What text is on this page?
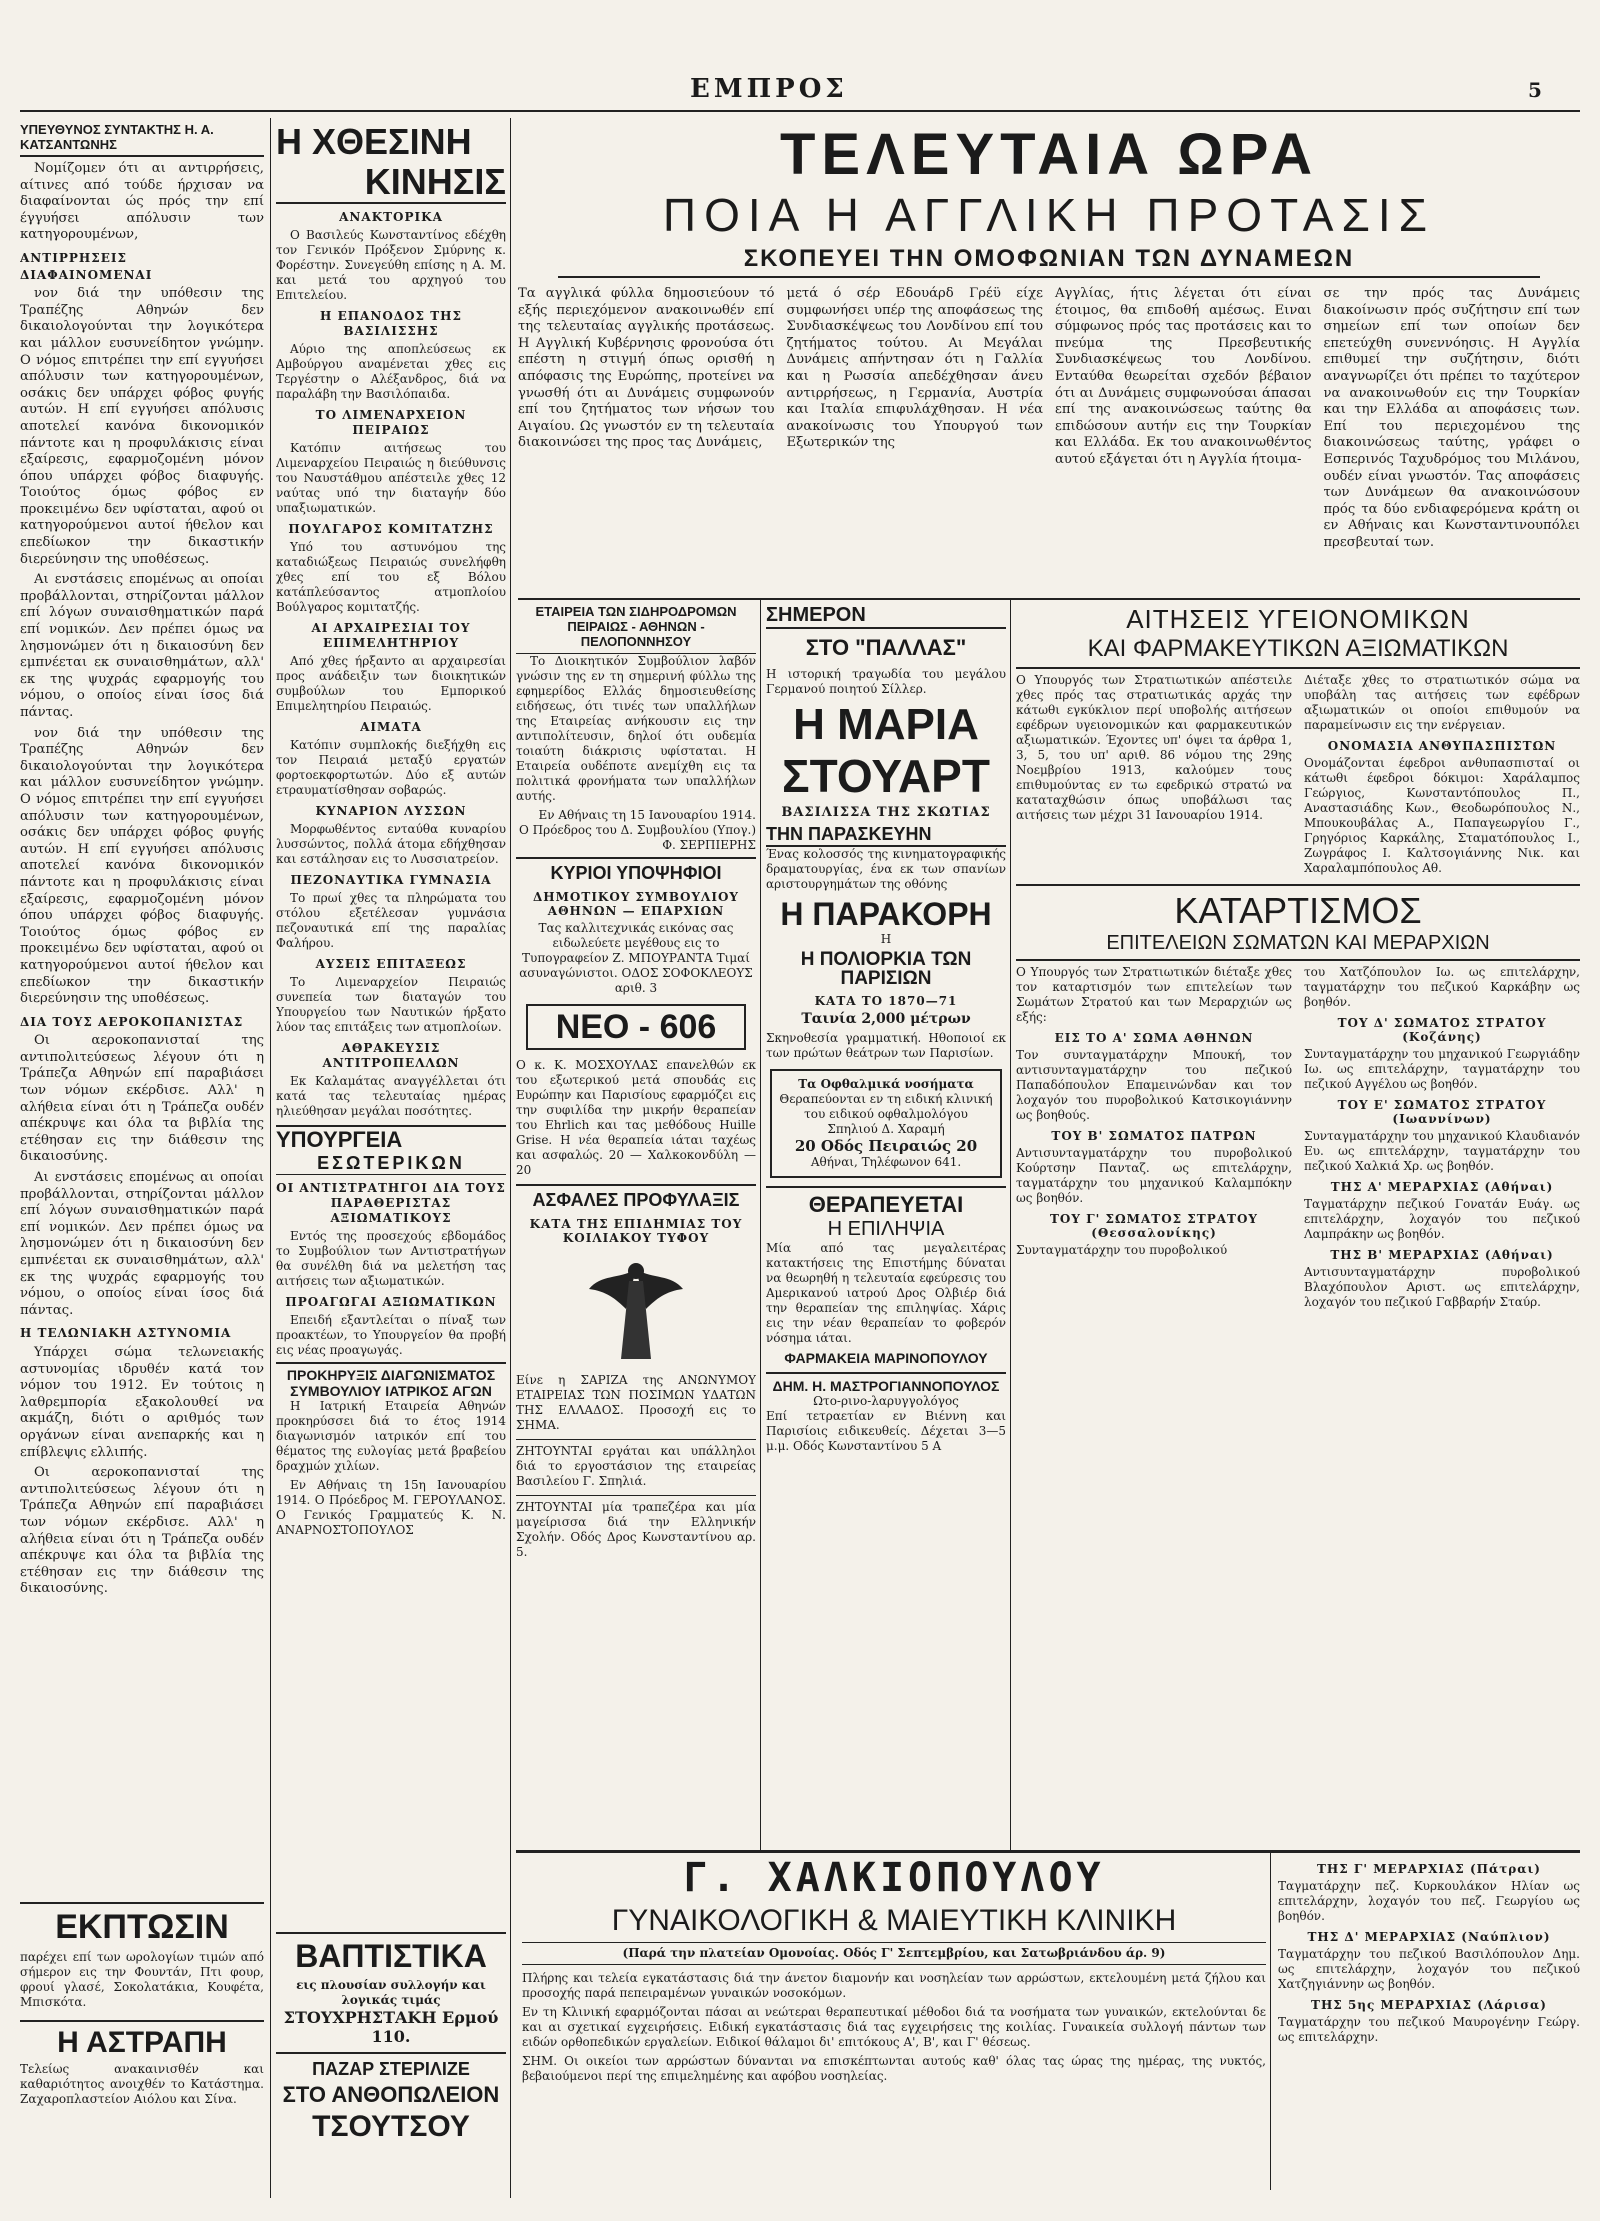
ΕΜΠΡΟΣ	5
ΥΠΕΥΘΥΝΟΣ ΣΥΝΤΑΚΤΗΣ Η. Α. ΚΑΤΣΑΝΤΩΝΗΣ

Νομίζομεν ότι αι αντιρρήσεις, αίτινες από τούδε ήρχισαν να διαφαίνονται ώς πρός την επί έγγυήσει απόλυσιν των κατηγορουμένων,

ΑΝΤΙΡΡΗΣΕΙΣ ΔΙΑΦΑΙΝΟΜΕΝΑΙ

νον διά την υπόθεσιν της Τραπέζης Αθηνών δεν δικαιολογούνται την λογικότερα και μάλλον ευσυνείδητον γνώμην. Ο νόμος επιτρέπει την επί εγγυήσει απόλυσιν των κατηγορουμένων, οσάκις δεν υπάρχει φόβος φυγής αυτών. Η επί εγγυήσει απόλυσις αποτελεί κανόνα δικονομικόν πάντοτε και η προφυλάκισις είναι εξαίρεσις, εφαρμοζομένη μόνον όπου υπάρχει φόβος διαφυγής. Τοιούτος όμως φόβος εν προκειμένω δεν υφίσταται, αφού οι κατηγορούμενοι αυτοί ήθελον και επεδίωκον την δικαστικήν διερεύνησιν της υποθέσεως.

Αι ενστάσεις επομένως αι οποίαι προβάλλονται, στηρίζονται μάλλον επί λόγων συναισθηματικών παρά επί νομικών. Δεν πρέπει όμως να λησμονώμεν ότι η δικαιοσύνη δεν εμπνέεται εκ συναισθημάτων, αλλ' εκ της ψυχράς εφαρμογής του νόμου, ο οποίος είναι ίσος διά πάντας.

νον διά την υπόθεσιν της Τραπέζης Αθηνών δεν δικαιολογούνται την λογικότερα και μάλλον ευσυνείδητον γνώμην. Ο νόμος επιτρέπει την επί εγγυήσει απόλυσιν των κατηγορουμένων, οσάκις δεν υπάρχει φόβος φυγής αυτών. Η επί εγγυήσει απόλυσις αποτελεί κανόνα δικονομικόν πάντοτε και η προφυλάκισις είναι εξαίρεσις, εφαρμοζομένη μόνον όπου υπάρχει φόβος διαφυγής. Τοιούτος όμως φόβος εν προκειμένω δεν υφίσταται, αφού οι κατηγορούμενοι αυτοί ήθελον και επεδίωκον την δικαστικήν διερεύνησιν της υποθέσεως.

ΔΙΑ ΤΟΥΣ ΑΕΡΟΚΟΠΑΝΙΣΤΑΣ

Οι αεροκοπανισταί της αντιπολιτεύσεως λέγουν ότι η Τράπεζα Αθηνών επί παραβιάσει των νόμων εκέρδισε. Αλλ' η αλήθεια είναι ότι η Τράπεζα ουδέν απέκρυψε και όλα τα βιβλία της ετέθησαν εις την διάθεσιν της δικαιοσύνης.

Αι ενστάσεις επομένως αι οποίαι προβάλλονται, στηρίζονται μάλλον επί λόγων συναισθηματικών παρά επί νομικών. Δεν πρέπει όμως να λησμονώμεν ότι η δικαιοσύνη δεν εμπνέεται εκ συναισθημάτων, αλλ' εκ της ψυχράς εφαρμογής του νόμου, ο οποίος είναι ίσος διά πάντας.

Η ΤΕΛΩΝΙΑΚΗ ΑΣΤΥΝΟΜΙΑ

Υπάρχει σώμα τελωνειακής αστυνομίας ιδρυθέν κατά τον νόμον του 1912. Εν τούτοις η λαθρεμπορία εξακολουθεί να ακμάζη, διότι ο αριθμός των οργάνων είναι ανεπαρκής και η επίβλεψις ελλιπής.

Οι αεροκοπανισταί της αντιπολιτεύσεως λέγουν ότι η Τράπεζα Αθηνών επί παραβιάσει των νόμων εκέρδισε. Αλλ' η αλήθεια είναι ότι η Τράπεζα ουδέν απέκρυψε και όλα τα βιβλία της ετέθησαν εις την διάθεσιν της δικαιοσύνης.

ΕΚΠΤΩΣΙΝ
παρέχει επί των ωρολογίων τιμών από σήμερον εις την Φουντάν, Πτι φουρ, φρουί γλασέ, Σοκολατάκια, Κουφέτα, Μπισκότα.
Η ΑΣΤΡΑΠΗ
Τελείως ανακαινισθέν και καθαριότητος ανοιχθέν το Κατάστημα. Ζαχαροπλαστείον Αιόλου και Σίνα.
Η ΧΘΕΣΙΝΗ
ΚΙΝΗΣΙΣ
ΑΝΑΚΤΟΡΙΚΑ

Ο Βασιλεύς Κωνσταντίνος εδέχθη τον Γενικόν Πρόξενον Σμύρνης κ. Φορέστην. Συνεγεύθη επίσης η Α. Μ. και μετά του αρχηγού του Επιτελείου.

Η ΕΠΑΝΟΔΟΣ ΤΗΣ ΒΑΣΙΛΙΣΣΗΣ

Αύριο της αποπλεύσεως εκ Αμβούργου αναμένεται χθες εις Τεργέστην ο Αλέξανδρος, διά να παραλάβη την Βασιλόπαιδα.

ΤΟ ΛΙΜΕΝΑΡΧΕΙΟΝ ΠΕΙΡΑΙΩΣ

Κατόπιν αιτήσεως του Λιμεναρχείου Πειραιώς η διεύθυνσις του Ναυστάθμου απέστειλε χθες 12 ναύτας υπό την διαταγήν δύο υπαξιωματικών.

ΠΟΥΛΓΑΡΟΣ ΚΟΜΙΤΑΤΖΗΣ

Υπό του αστυνόμου της καταδιώξεως Πειραιώς συνελήφθη χθες επί του εξ Βόλου κατάπλεύσαντος ατμοπλοίου Βούλγαρος κομιτατζής.

ΑΙ ΑΡΧΑΙΡΕΣΙΑΙ ΤΟΥ ΕΠΙΜΕΛΗΤΗΡΙΟΥ

Από χθες ήρξαντο αι αρχαιρεσίαι προς ανάδειξιν των διοικητικών συμβούλων του Εμπορικού Επιμελητηρίου Πειραιώς.

ΑΙΜΑΤΑ

Κατόπιν συμπλοκής διεξήχθη εις τον Πειραιά μεταξύ εργατών φορτοεκφορτωτών. Δύο εξ αυτών ετραυματίσθησαν σοβαρώς.

ΚΥΝΑΡΙΟΝ ΛΥΣΣΩΝ

Μορφωθέντος ενταύθα κυναρίου λυσσώντος, πολλά άτομα εδήχθησαν και εστάλησαν εις το Λυσσιατρείον.

ΠΕΖΟΝΑΥΤΙΚΑ ΓΥΜΝΑΣΙΑ

Το πρωί χθες τα πληρώματα του στόλου εξετέλεσαν γυμνάσια πεζοναυτικά επί της παραλίας Φαλήρου.

ΑΥΣΕΙΣ ΕΠΙΤΑΞΕΩΣ

Το Λιμεναρχείον Πειραιώς συνεπεία των διαταγών του Υπουργείου των Ναυτικών ήρξατο λύον τας επιτάξεις των ατμοπλοίων.

ΑΘΡΑΚΕΥΣΙΣ ΑΝΤΙΤΡΟΠΕΛΛΩΝ

Εκ Καλαμάτας αναγγέλλεται ότι κατά τας τελευταίας ημέρας ηλιεύθησαν μεγάλαι ποσότητες.

ΥΠΟΥΡΓΕΙΑ
ΕΣΩΤΕΡΙΚΩΝ
ΟΙ ΑΝΤΙΣΤΡΑΤΗΓΟΙ ΔΙΑ ΤΟΥΣ ΠΑΡΑΘΕΡΙΣΤΑΣ ΑΞΙΩΜΑΤΙΚΟΥΣ

Εντός της προσεχούς εβδομάδος το Συμβούλιον των Αντιστρατήγων θα συνέλθη διά να μελετήση τας αιτήσεις των αξιωματικών.

ΠΡΟΑΓΩΓΑΙ ΑΞΙΩΜΑΤΙΚΩΝ

Επειδή εξαντλείται ο πίναξ των προακτέων, το Υπουργείον θα προβή εις νέας προαγωγάς.

ΠΡΟΚΗΡΥΞΙΣ ΔΙΑΓΩΝΙΣΜΑΤΟΣ
ΣΥΜΒΟΥΛΙΟΥ ΙΑΤΡΙΚΟΣ ΑΓΩΝ

Η Ιατρική Εταιρεία Αθηνών προκηρύσσει διά το έτος 1914 διαγωνισμόν ιατρικόν επί του θέματος της ευλογίας μετά βραβείου δραχμών χιλίων.

Εν Αθήναις τη 15η Ιανουαρίου 1914. Ο Πρόεδρος Μ. ΓΕΡΟΥΛΑΝΟΣ. Ο Γενικός Γραμματεύς Κ. Ν. ΑΝΑΡΝΟΣΤΟΠΟΥΛΟΣ

ΒΑΠΤΙΣΤΙΚΑ
εις πλουσίαν συλλογήν και λογικάς τιμάς
ΣΤΟΥΧΡΗΣΤΑΚΗ Ερμού 110.
ΠΑΖΑΡ ΣΤΕΡΙΛΙΖΕ
ΣΤΟ ΑΝΘΟΠΩΛΕΙΟΝ
ΤΣΟΥΤΣΟΥ
ΤΕΛΕΥΤΑΙΑ ΩΡΑ
ΠΟΙΑ Η ΑΓΓΛΙΚΗ ΠΡΟΤΑΣΙΣ
ΣΚΟΠΕΥΕΙ ΤΗΝ ΟΜΟΦΩΝΙΑΝ ΤΩΝ ΔΥΝΑΜΕΩΝ
Τα αγγλικά φύλλα δημοσιεύουν τό εξής περιεχόμενον ανακοινωθέν επί της τελευταίας αγγλικής προτάσεως. Η Αγγλική Κυβέρνησις φρονούσα ότι επέστη η στιγμή όπως ορισθή η απόφασις της Ευρώπης, προτείνει να γνωσθή ότι αι Δυνάμεις συμφωνούν επί του ζητήματος των νήσων του Αιγαίου. Ως γνωστόν εν τη τελευταία διακοινώσει της προς τας Δυνάμεις,
μετά ό σέρ Εδουάρδ Γρέϋ είχε συμφωνήσει υπέρ της αποφάσεως της Συνδιασκέψεως του Λονδίνου επί του ζητήματος τούτου. Αι Μεγάλαι Δυνάμεις απήντησαν ότι η Γαλλία και η Ρωσσία απεδέχθησαν άνευ αντιρρήσεως, η Γερμανία, Αυστρία και Ιταλία επιφυλάχθησαν. Η νέα ανακοίνωσις του Υπουργού των Εξωτερικών της
Αγγλίας, ήτις λέγεται ότι είναι έτοιμος, θα επιδοθή αμέσως. Ειναι σύμφωνος πρός τας προτάσεις και το πνεύμα της Πρεσβευτικής Συνδιασκέψεως του Λονδίνου. Ενταύθα θεωρείται σχεδόν βέβαιον ότι αι Δυνάμεις συμφωνούσαι άπασαι επί της ανακοινώσεως ταύτης θα επιδώσουν αυτήν εις την Τουρκίαν και Ελλάδα. Εκ του ανακοινωθέντος αυτού εξάγεται ότι η Αγγλία ήτοιμα-
σε την πρός τας Δυνάμεις διακοίνωσιν πρός συζήτησιν επί των σημείων επί των οποίων δεν επετεύχθη συνεννόησις. Η Αγγλία επιθυμεί την συζήτησιν, διότι αναγνωρίζει ότι πρέπει το ταχύτερον να ανακοινωθούν εις την Τουρκίαν και την Ελλάδα αι αποφάσεις των. Επί του περιεχομένου της διακοινώσεως ταύτης, γράφει ο Εσπερινός Ταχυδρόμος του Μιλάνου, ουδέν είναι γνωστόν. Τας αποφάσεις των Δυνάμεων θα ανακοινώσουν πρός τα δύο ενδιαφερόμενα κράτη οι εν Αθήναις και Κωνσταντινουπόλει πρεσβευταί των.
ΕΤΑΙΡΕΙΑ ΤΩΝ ΣΙΔΗΡΟΔΡΟΜΩΝ ΠΕΙΡΑΙΩΣ - ΑΘΗΝΩΝ - ΠΕΛΟΠΟΝΝΗΣΟΥ

Το Διοικητικόν Συμβούλιον λαβόν γνώσιν της εν τη σημερινή φύλλω της εφημερίδος Ελλάς δημοσιευθείσης ειδήσεως, ότι τινές των υπαλλήλων της Εταιρείας ανήκουσιν εις την αντιπολίτευσιν, δηλοί ότι ουδεμία τοιαύτη διάκρισις υφίσταται. Η Εταιρεία ουδέποτε ανεμίχθη εις τα πολιτικά φρονήματα των υπαλλήλων αυτής.

Εν Αθήναις τη 15 Ιανουαρίου 1914. Ο Πρόεδρος του Δ. Συμβουλίου (Υπογ.) Φ. ΣΕΡΠΙΕΡΗΣ

ΚΥΡΙΟΙ ΥΠΟΨΗΦΙΟΙ
ΔΗΜΟΤΙΚΟΥ ΣΥΜΒΟΥΛΙΟΥ ΑΘΗΝΩΝ — ΕΠΑΡΧΙΩΝ
Τας καλλιτεχνικάς εικόνας σας ειδωλεύετε μεγέθους εις το Τυπογραφείον Ζ. ΜΠΟΥΡΑΝΤΑ Τιμαί ασυναγώνιστοι. ΟΔΟΣ ΣΟΦΟΚΛΕΟΥΣ αριθ. 3
ΝΕΟ - 606
Ο κ. Κ. ΜΟΣΧΟΥΛΑΣ επανελθών εκ του εξωτερικού μετά σπουδάς εις Ευρώπην και Παρισίους εφαρμόζει εις την συφιλίδα την μικρήν θεραπείαν του Ehrlich και τας μεθόδους Huille Grise. Η νέα θεραπεία ιάται ταχέως και ασφαλώς. 20 — Χαλκοκονδύλη — 20
ΑΣΦΑΛΕΣ ΠΡΟΦΥΛΑΞΙΣ
ΚΑΤΑ ΤΗΣ ΕΠΙΔΗΜΙΑΣ ΤΟΥ ΚΟΙΛΙΑΚΟΥ ΤΥΦΟΥ
Είνε η ΣΑΡΙΖΑ της ΑΝΩΝΥΜΟΥ ΕΤΑΙΡΕΙΑΣ ΤΩΝ ΠΟΣΙΜΩΝ ΥΔΑΤΩΝ ΤΗΣ ΕΛΛΑΔΟΣ. Προσοχή εις το ΣΗΜΑ.
ΖΗΤΟΥΝΤΑΙ εργάται και υπάλληλοι διά το εργοστάσιον της εταιρείας Βασιλείου Γ. Σπηλιά.
ΖΗΤΟΥΝΤΑΙ μία τραπεζέρα και μία μαγείρισσα διά την Ελληνικήν Σχολήν. Οδός Δρος Κωνσταντίνου αρ. 5.
ΣΗΜΕΡΟΝ
ΣΤΟ "ΠΑΛΛΑΣ"
Η ιστορική τραγωδία του μεγάλου Γερμανού ποιητού Σίλλερ.
Η ΜΑΡΙΑ
ΣΤΟΥΑΡΤ
ΒΑΣΙΛΙΣΣΑ ΤΗΣ ΣΚΩΤΙΑΣ
ΤΗΝ ΠΑΡΑΣΚΕΥΗΝ
Ένας κολοσσός της κινηματογραφικής δραματουργίας, ένα εκ των σπανίων αριστουργημάτων της οθόνης
Η ΠΑΡΑΚΟΡΗ
Η
Η ΠΟΛΙΟΡΚΙΑ ΤΩΝ ΠΑΡΙΣΙΩΝ
ΚΑΤΑ ΤΟ 1870—71
Ταινία 2,000 μέτρων
Σκηνοθεσία γραμματική. Ηθοποιοί εκ των πρώτων θεάτρων των Παρισίων.
Τα Οφθαλμικά νοσήματα
Θεραπεύονται εν τη ειδική κλινική του ειδικού οφθαλμολόγου Σπηλιού Δ. Χαραμή
20 Οδός Πειραιώς 20
Αθήναι, Τηλέφωνον 641.
ΘΕΡΑΠΕΥΕΤΑΙ
Η ΕΠΙΛΗΨΙΑ
Μία από τας μεγαλειτέρας κατακτήσεις της Επιστήμης δύναται να θεωρηθή η τελευταία εφεύρεσις του Αμερικανού ιατρού Δρος Ολβιέρ διά την θεραπείαν της επιληψίας. Χάρις εις την νέαν θεραπείαν το φοβερόν νόσημα ιάται.
ΦΑΡΜΑΚΕΙΑ ΜΑΡΙΝΟΠΟΥΛΟΥ
ΔΗΜ. Η. ΜΑΣΤΡΟΓΙΑΝΝΟΠΟΥΛΟΣ
Ωτο-ρινο-λαρυγγολόγος
Επί τετραετίαν εν Βιέννη και Παρισίοις ειδικευθείς. Δέχεται 3—5 μ.μ. Οδός Κωνσταντίνου 5 Α
ΑΙΤΗΣΕΙΣ ΥΓΕΙΟΝΟΜΙΚΩΝ
ΚΑΙ ΦΑΡΜΑΚΕΥΤΙΚΩΝ ΑΞΙΩΜΑΤΙΚΩΝ
Ο Υπουργός των Στρατιωτικών απέστειλε χθες πρός τας στρατιωτικάς αρχάς την κάτωθι εγκύκλιον περί υποβολής αιτήσεων εφέδρων υγειονομικών και φαρμακευτικών αξιωματικών. Έχοντες υπ' όψει τα άρθρα 1, 3, 5, του υπ' αριθ. 86 νόμου της 29ης Νοεμβρίου 1913, καλούμεν τους επιθυμούντας εν τω εφεδρικώ στρατώ να καταταχθώσιν όπως υποβάλωσι τας αιτήσεις των μέχρι 31 Ιανουαρίου 1914.
Διέταξε χθες το στρατιωτικόν σώμα να υποβάλη τας αιτήσεις των εφέδρων αξιωματικών οι οποίοι επιθυμούν να παραμείνωσιν εις την ενέργειαν.
ΟΝΟΜΑΣΙΑ ΑΝΘΥΠΑΣΠΙΣΤΩΝ
Ονομάζονται έφεδροι ανθυπασπισταί οι κάτωθι έφεδροι δόκιμοι: Χαράλαμπος Γεώργιος, Κωνσταντόπουλος Π., Αναστασιάδης Κων., Θεοδωρόπουλος Ν., Μπουκουβάλας Α., Παπαγεωργίου Γ., Γρηγόριος Καρκάλης, Σταματόπουλος Ι., Ζωγράφος Ι. Καλτσογιάννης Νικ. και Χαραλαμπόπουλος Αθ.
ΚΑΤΑΡΤΙΣΜΟΣ
ΕΠΙΤΕΛΕΙΩΝ ΣΩΜΑΤΩΝ ΚΑΙ ΜΕΡΑΡΧΙΩΝ
Ο Υπουργός των Στρατιωτικών διέταξε χθες τον καταρτισμόν των επιτελείων των Σωμάτων Στρατού και των Μεραρχιών ως εξής:
ΕΙΣ ΤΟ Α' ΣΩΜΑ ΑΘΗΝΩΝ
Τον συνταγματάρχην Μπουκή, τον αντισυνταγματάρχην του πεζικού Παπαδόπουλον Επαμεινώνδαν και τον λοχαγόν του πυροβολικού Κατσικογιάννην ως βοηθούς.
ΤΟΥ Β' ΣΩΜΑΤΟΣ ΠΑΤΡΩΝ
Αντισυνταγματάρχην του πυροβολικού Κούρτσην Πανταζ. ως επιτελάρχην, ταγματάρχην του μηχανικού Καλαμπόκην ως βοηθόν.
ΤΟΥ Γ' ΣΩΜΑΤΟΣ ΣΤΡΑΤΟΥ (Θεσσαλονίκης)
Συνταγματάρχην του πυροβολικού
του Χατζόπουλον Ιω. ως επιτελάρχην, ταγματάρχην του πεζικού Καρκάβην ως βοηθόν.
ΤΟΥ Δ' ΣΩΜΑΤΟΣ ΣΤΡΑΤΟΥ (Κοζάνης)
Συνταγματάρχην του μηχανικού Γεωργιάδην Ιω. ως επιτελάρχην, ταγματάρχην του πεζικού Αγγέλου ως βοηθόν.
ΤΟΥ Ε' ΣΩΜΑΤΟΣ ΣΤΡΑΤΟΥ (Ιωαννίνων)
Συνταγματάρχην του μηχανικού Κλαυδιανόν Ευ. ως επιτελάρχην, ταγματάρχην του πεζικού Χαλκιά Χρ. ως βοηθόν.
ΤΗΣ Α' ΜΕΡΑΡΧΙΑΣ (Αθήναι)
Ταγματάρχην πεζικού Γονατάν Ευάγ. ως επιτελάρχην, λοχαγόν του πεζικού Λαμπράκην ως βοηθόν.
ΤΗΣ Β' ΜΕΡΑΡΧΙΑΣ (Αθήναι)
Αντισυνταγματάρχην πυροβολικού Βλαχόπουλον Αριστ. ως επιτελάρχην, λοχαγόν του πεζικού Γαββαρήν Σταύρ.
ΤΗΣ Γ' ΜΕΡΑΡΧΙΑΣ (Πάτραι)
Ταγματάρχην πεζ. Κυρκουλάκον Ηλίαν ως επιτελάρχην, λοχαγόν του πεζ. Γεωργίου ως βοηθόν.
ΤΗΣ Δ' ΜΕΡΑΡΧΙΑΣ (Ναύπλιον)
Ταγματάρχην του πεζικού Βασιλόπουλον Δημ. ως επιτελάρχην, λοχαγόν του πεζικού Χατζηγιάννην ως βοηθόν.
ΤΗΣ 5ης ΜΕΡΑΡΧΙΑΣ (Λάρισα)
Ταγματάρχην του πεζικού Μαυρογένην Γεώργ. ως επιτελάρχην.
Γ. ΧΑΛΚΙΟΠΟΥΛΟΥ
ΓΥΝΑΙΚΟΛΟΓΙΚΗ & ΜΑΙΕΥΤΙΚΗ ΚΛΙΝΙΚΗ
(Παρά την πλατείαν Ομονοίας. Οδός Γ' Σεπτεμβρίου, και Σατωβριάνδου άρ. 9)
Πλήρης και τελεία εγκατάστασις διά την άνετον διαμονήν και νοσηλείαν των αρρώστων, εκτελουμένη μετά ζήλου και προσοχής παρά πεπειραμένων γυναικών νοσοκόμων.
Εν τη Κλινική εφαρμόζονται πάσαι αι νεώτεραι θεραπευτικαί μέθοδοι διά τα νοσήματα των γυναικών, εκτελούνται δε και αι σχετικαί εγχειρήσεις. Ειδική εγκατάστασις διά τας εγχειρήσεις της κοιλίας. Γυναικεία συλλογή πάντων των ειδών ορθοπεδικών εργαλείων. Ειδικοί θάλαμοι δι' επιτόκους Α', Β', και Γ' θέσεως.
ΣΗΜ. Οι οικείοι των αρρώστων δύνανται να επισκέπτωνται αυτούς καθ' όλας τας ώρας της ημέρας, της νυκτός, βεβαιούμενοι περί της επιμελημένης και αφόβου νοσηλείας.
